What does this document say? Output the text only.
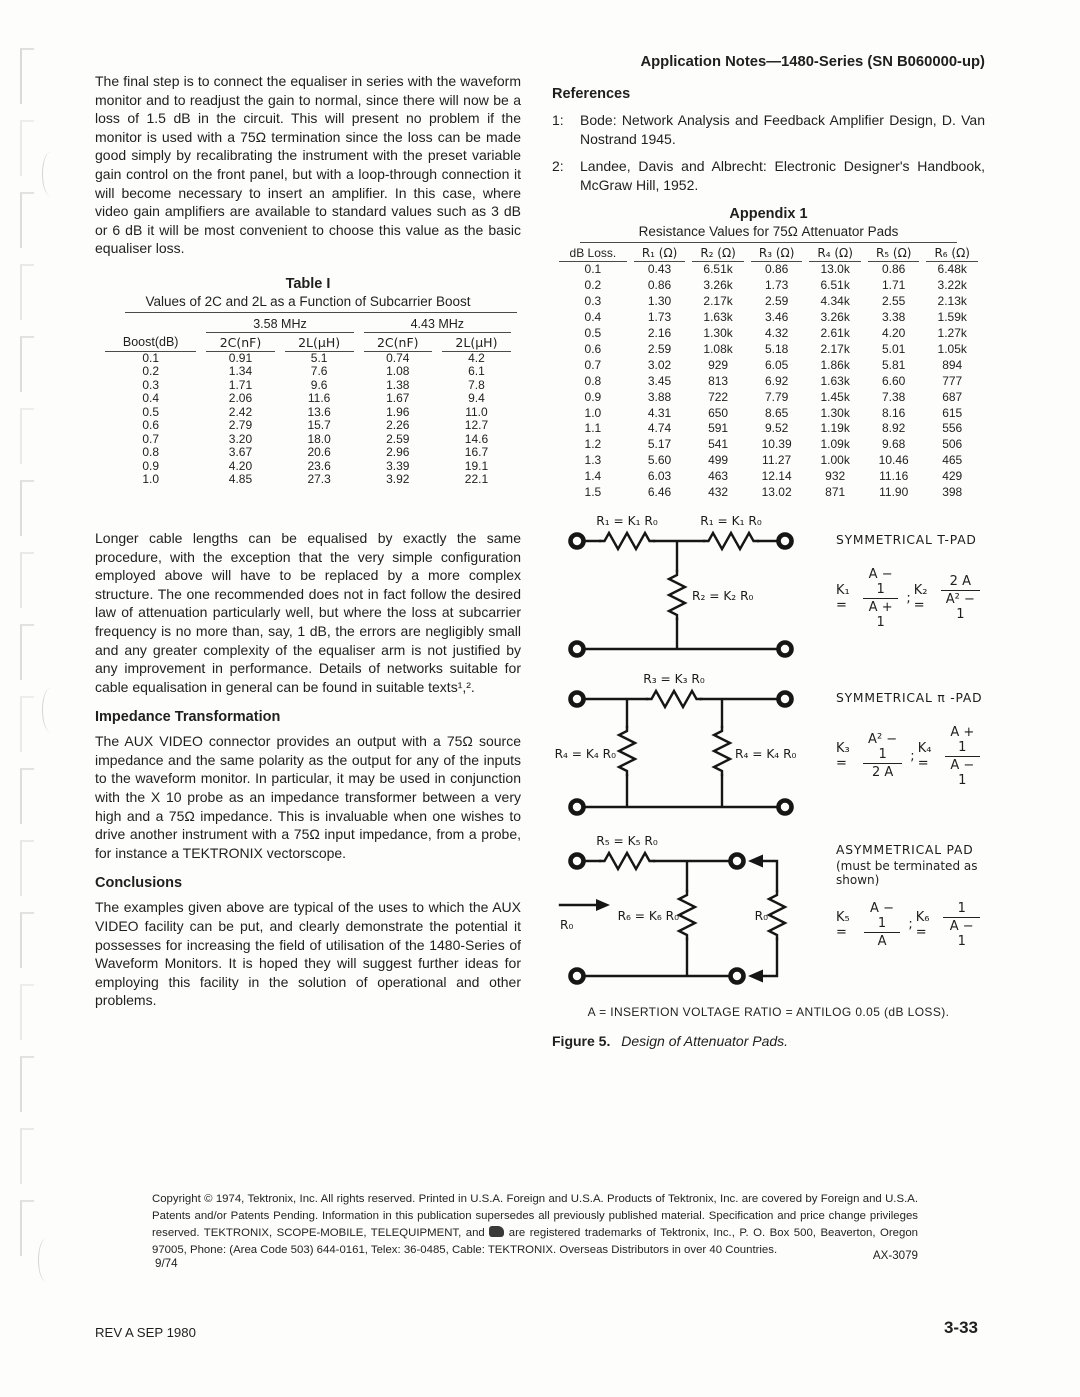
The final step is to connect the equaliser in series with the waveform monitor and to readjust the gain to normal, since there will now be a loss of 1.5 dB in the circuit. This will present no problem if the monitor is used with a 75Ω termination since the loss can be made good simply by recalibrating the instrument with the preset variable gain control on the front panel, but with a loop-through connection it will become necessary to insert an amplifier. In this case, where video gain amplifiers are available to standard values such as 3 dB or 6 dB it will be most convenient to choose this value as the basic equaliser loss.

Table I
Values of 2C and 2L as a Function of Subcarrier Boost
	3.58 MHz		4.43 MHz	
Boost(dB)	2C(nF)	2L(μH)	2C(nF)	2L(μH)
0.1	0.91	5.1	0.74	4.2
0.2	1.34	7.6	1.08	6.1
0.3	1.71	9.6	1.38	7.8
0.4	2.06	11.6	1.67	9.4
0.5	2.42	13.6	1.96	11.0
0.6	2.79	15.7	2.26	12.7
0.7	3.20	18.0	2.59	14.6
0.8	3.67	20.6	2.96	16.7
0.9	4.20	23.6	3.39	19.1
1.0	4.85	27.3	3.92	22.1

Longer cable lengths can be equalised by exactly the same procedure, with the exception that the very simple configuration employed above will have to be replaced by a more complex structure. The one recommended does not in fact follow the desired law of attenuation particularly well, but where the loss at subcarrier frequency is no more than, say, 1 dB, the errors are negligibly small and any greater complexity of the equaliser arm is not justified by any improvement in performance. Details of networks suitable for cable equalisation in general can be found in suitable texts¹,².

Impedance Transformation

The AUX VIDEO connector provides an output with a 75Ω source impedance and the same polarity as the output for any of the inputs to the waveform monitor. In particular, it may be used in conjunction with the X 10 probe as an impedance transformer between a very high and a 75Ω impedance. This is invaluable when one wishes to drive another instrument with a 75Ω input impedance, from a probe, for instance a TEKTRONIX vectorscope.

Conclusions

The examples given above are typical of the uses to which the AUX VIDEO facility can be put, and clearly demonstrate the potential it possesses for increasing the field of utilisation of the 1480-Series of Waveform Monitors. It is hoped they will suggest further ideas for employing this facility in the solution of operational and other problems.

Application Notes—1480-Series (SN B060000-up)
References
1:	Bode: Network Analysis and Feedback Amplifier Design, D. Van Nostrand 1945.
2:	Landee, Davis and Albrecht: Electronic Designer's Handbook, McGraw Hill, 1952.
Appendix 1
Resistance Values for 75Ω Attenuator Pads
dB Loss.	R₁ (Ω)	R₂ (Ω)	R₃ (Ω)	R₄ (Ω)	R₅ (Ω)	R₆ (Ω)
0.1	0.43	6.51k	0.86	13.0k	0.86	6.48k
0.2	0.86	3.26k	1.73	6.51k	1.71	3.22k
0.3	1.30	2.17k	2.59	4.34k	2.55	2.13k
0.4	1.73	1.63k	3.46	3.26k	3.38	1.59k
0.5	2.16	1.30k	4.32	2.61k	4.20	1.27k
0.6	2.59	1.08k	5.18	2.17k	5.01	1.05k
0.7	3.02	929	6.05	1.86k	5.81	894
0.8	3.45	813	6.92	1.63k	6.60	777
0.9	3.88	722	7.79	1.45k	7.38	687
1.0	4.31	650	8.65	1.30k	8.16	615
1.1	4.74	591	9.52	1.19k	8.92	556
1.2	5.17	541	10.39	1.09k	9.68	506
1.3	5.60	499	11.27	1.00k	10.46	465
1.4	6.03	463	12.14	932	11.16	429
1.5	6.46	432	13.02	871	11.90	398
R₁ = K₁ R₀	R₁ = K₁ R₀
R₂ = K₂ R₀
SYMMETRICAL T-PAD
K₁ =	$\frac{A - 1}{A + 1}$ ; K₂ =	$\frac{2 A}{\text{A² − 1}}$
R₃ = K₃ R₀
R₄ = K₄ R₀	R₄ = K₄ R₀
SYMMETRICAL π -PAD
K₃ =	$\frac{\text{A² − 1}}{2 A}$ ; K₄ =	$\frac{A + 1}{A - 1}$
R₅ = K₅ R₀
R₆ = K₆ R₀	R₀
R₀
ASYMMETRICAL PAD
(must be terminated as shown)
K₅ =	$\frac{A - 1}{A}$ ; K₆ =	$\frac{1}{A - 1}$
A = INSERTION VOLTAGE RATIO = ANTILOG 0.05 (dB LOSS).
Figure 5. Design of Attenuator Pads.

Copyright © 1974, Tektronix, Inc. All rights reserved. Printed in U.S.A. Foreign and U.S.A. Products of Tektronix, Inc. are covered by Foreign and U.S.A. Patents and/or Patents Pending. Information in this publication supersedes all previously published material. Specification and price change privileges reserved. TEKTRONIX, SCOPE-MOBILE, TELEQUIPMENT, and are registered trademarks of Tektronix, Inc., P. O. Box 500, Beaverton, Oregon 97005, Phone: (Area Code 503) 644-0161, Telex: 36-0485, Cable: TEKTRONIX. Overseas Distributors in over 40 Countries.

9/74
AX-3079
REV A SEP 1980	3-33
